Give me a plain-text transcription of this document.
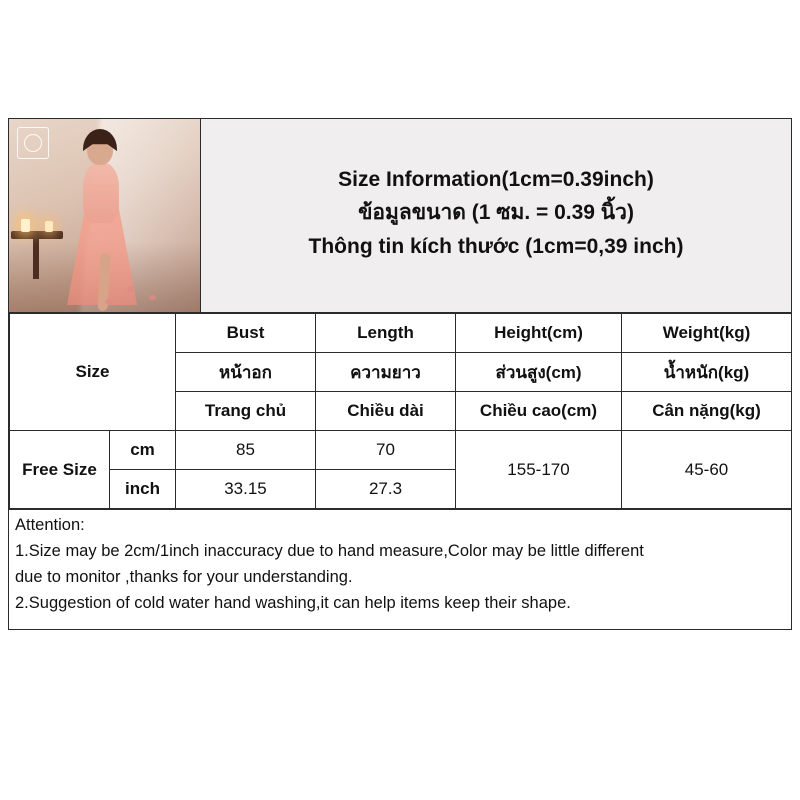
Size Information(1cm=0.39inch)
ข้อมูลขนาด (1 ซม. = 0.39 นิ้ว)
Thông tin kích thước (1cm=0,39 inch)
Size		Bust	Length	Height(cm)	Weight(kg)
		หน้าอก	ความยาว	ส่วนสูง(cm)	น้ำหนัก(kg)
		Trang chủ	Chiều dài	Chiều cao(cm)	Cân nặng(kg)
Free Size	cm	85	70	155-170	45-60
	inch	33.15	27.3		

Attention:

1.Size may be 2cm/1inch inaccuracy due to hand measure,Color may be little different

due to monitor ,thanks for your understanding.

2.Suggestion of cold water hand washing,it can help items keep their shape.
